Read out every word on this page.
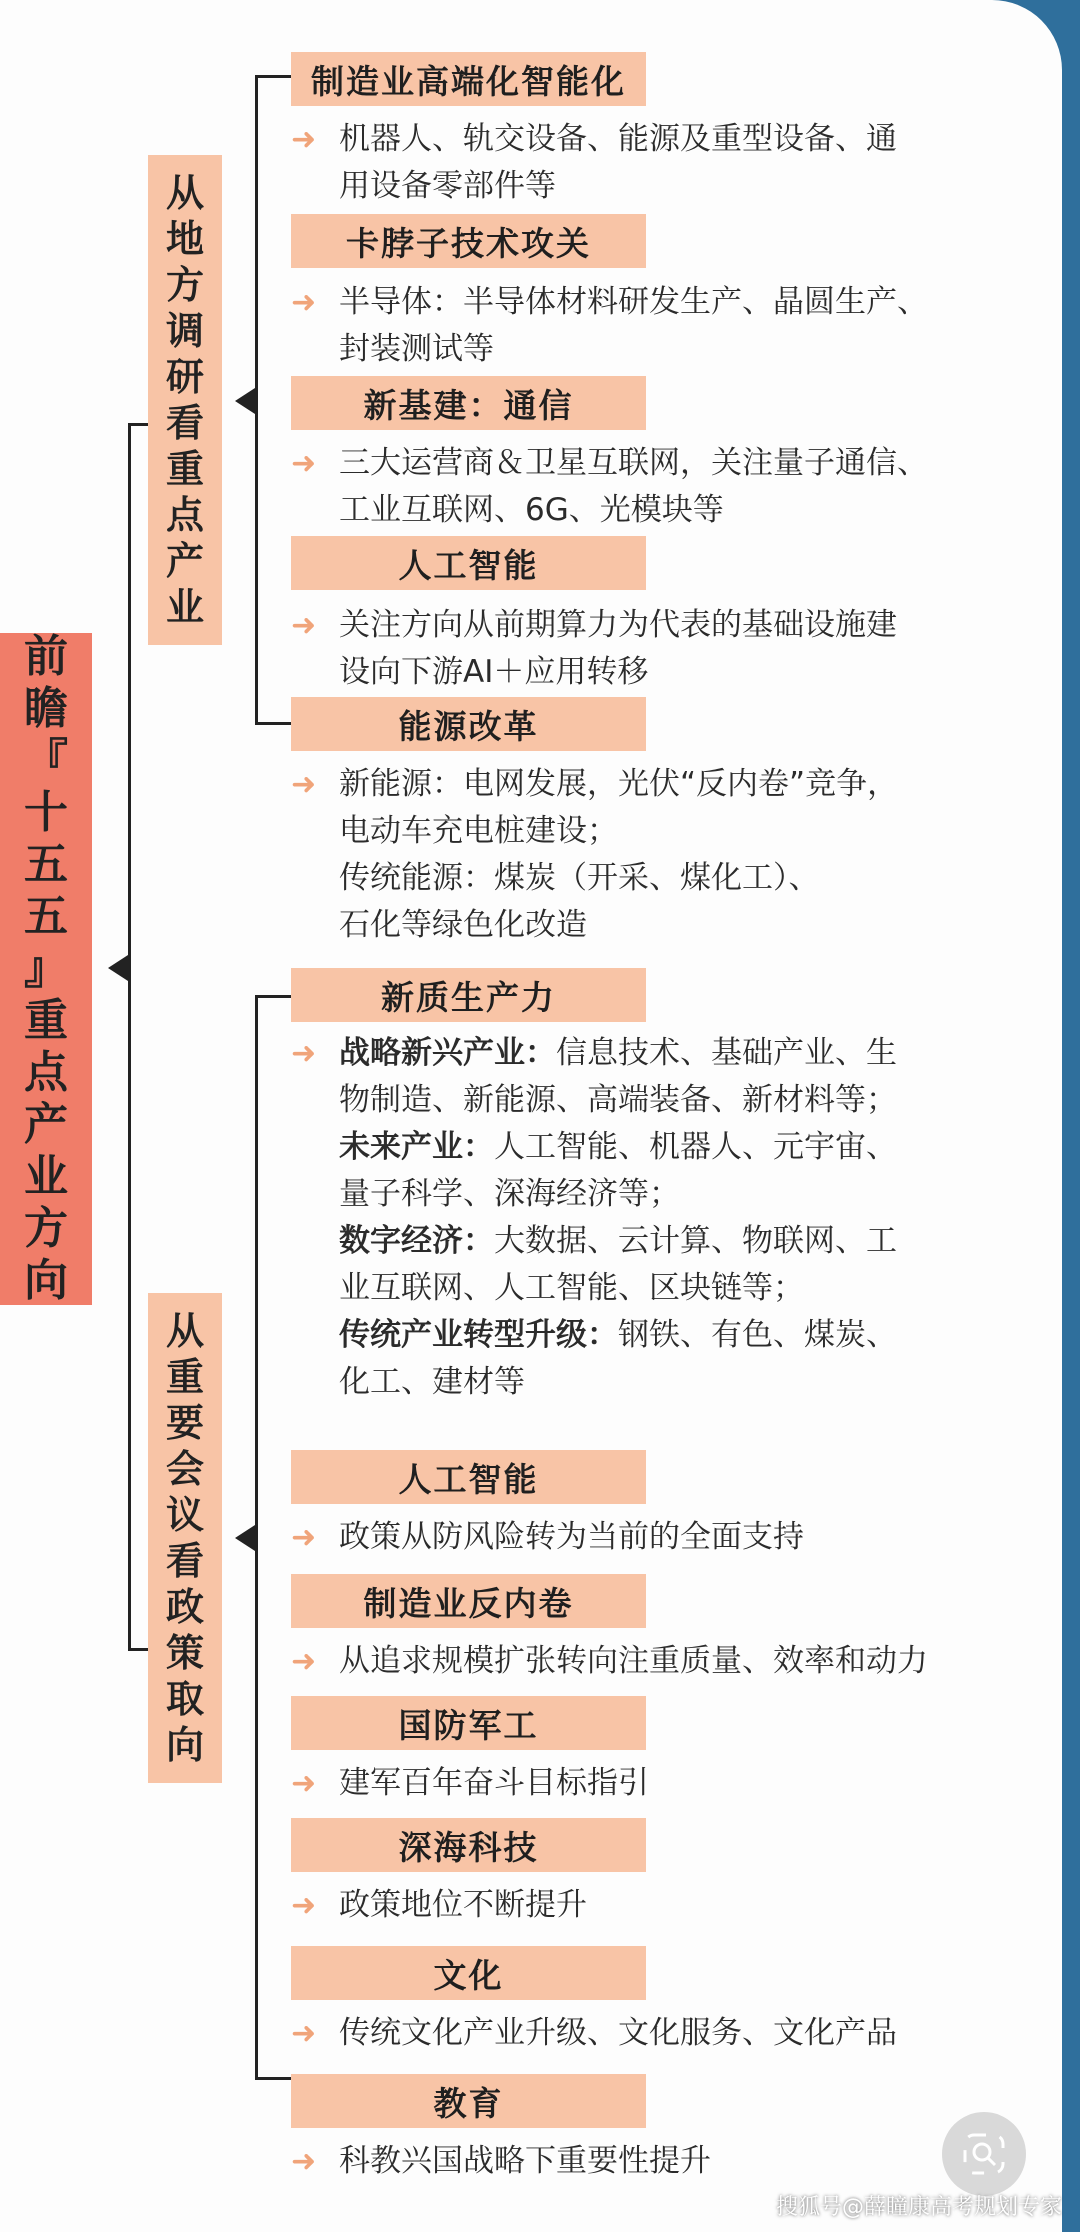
前
瞻
『
十
五
五
』
重
点
产
业
方
向
从
地
方
调
研
看
重
点
产
业
从
重
要
会
议
看
政
策
取
向
制造业高端化智能化
➜ 机器人、轨交设备、能源及重型设备、通
用设备零部件等
卡脖子技术攻关
➜ 半导体：半导体材料研发生产、晶圆生产、
封装测试等
新基建：通信
➜ 三大运营商＆卫星互联网，关注量子通信、
工业互联网、6G、光模块等
人工智能
➜ 关注方向从前期算力为代表的基础设施建
设向下游AI＋应用转移
能源改革
➜ 新能源：电网发展，光伏“反内卷”竞争，
电动车充电桩建设；
传统能源：煤炭（开采、煤化工）、
石化等绿色化改造
新质生产力
➜ 战略新兴产业：信息技术、基础产业、生
物制造、新能源、高端装备、新材料等；
未来产业：人工智能、机器人、元宇宙、
量子科学、深海经济等；
数字经济：大数据、云计算、物联网、工
业互联网、人工智能、区块链等；
传统产业转型升级：钢铁、有色、煤炭、
化工、建材等
人工智能
➜ 政策从防风险转为当前的全面支持
制造业反内卷
➜ 从追求规模扩张转向注重质量、效率和动力
国防军工
➜ 建军百年奋斗目标指引
深海科技
➜ 政策地位不断提升
文化
➜ 传统文化产业升级、文化服务、文化产品
教育
➜ 科教兴国战略下重要性提升
搜狐号@薛瞳康高考规划专家
